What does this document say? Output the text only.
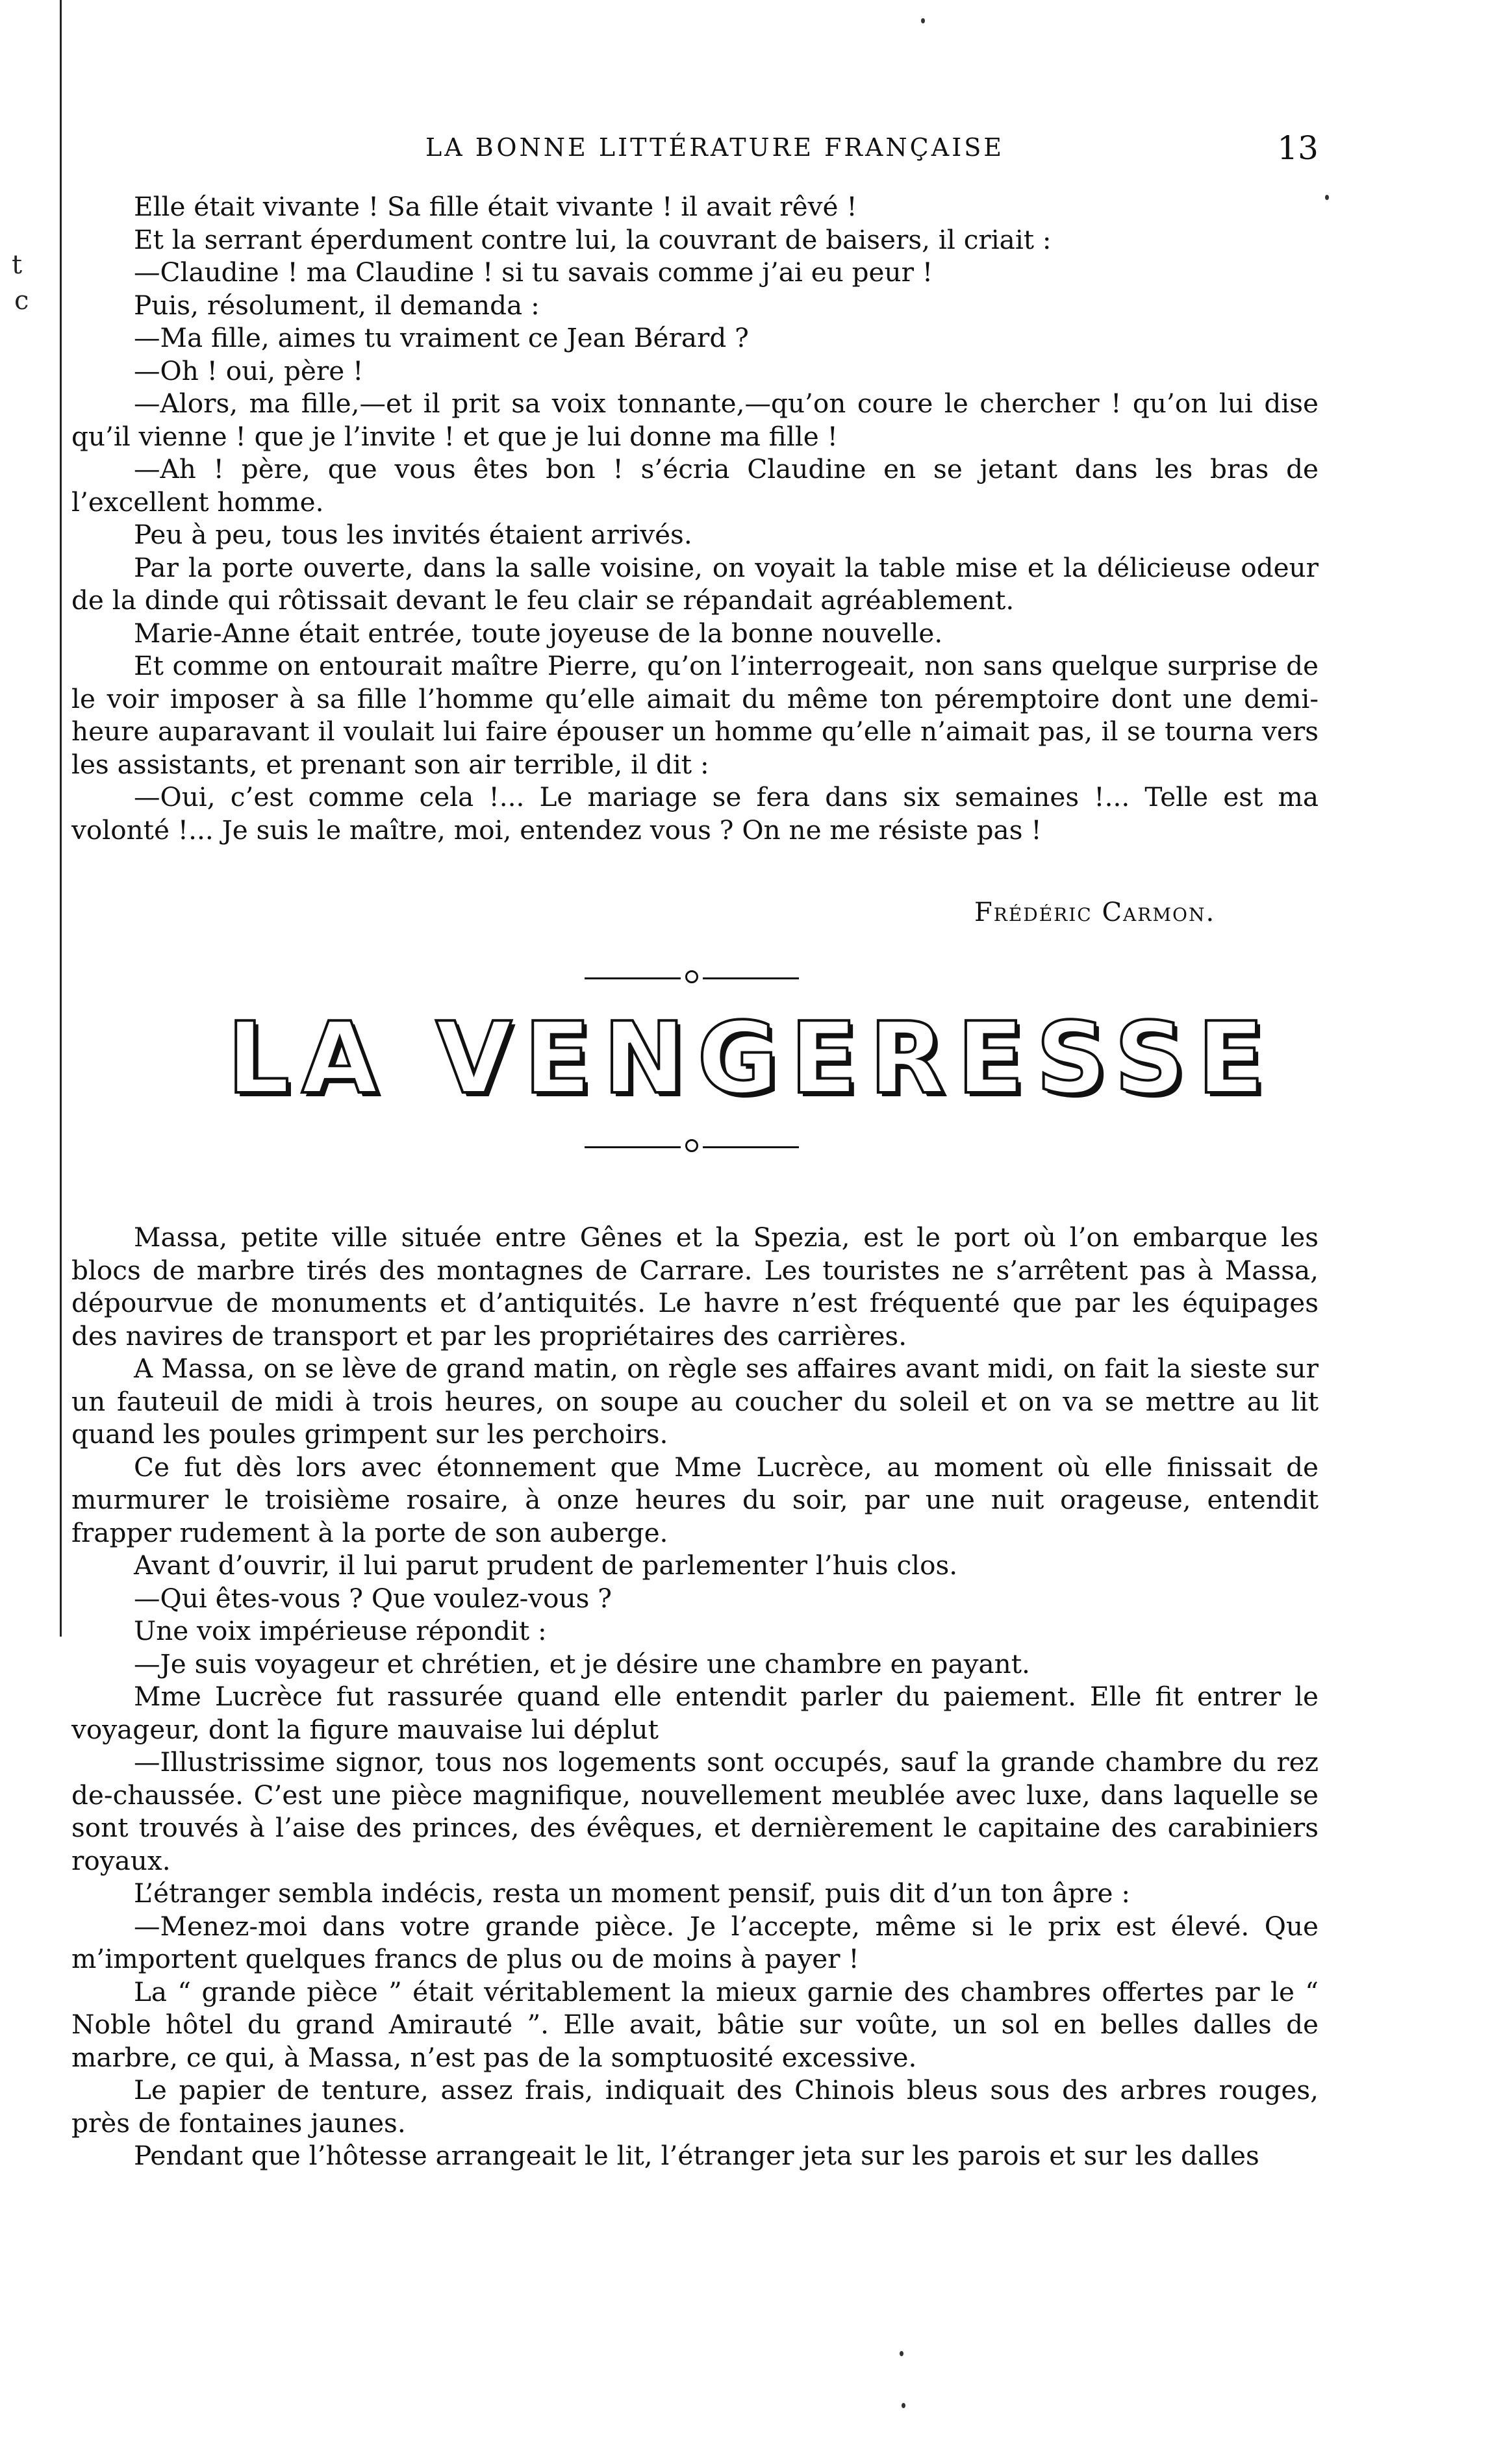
t
c
LA BONNE LITTÉRATURE FRANÇAISE	13

Elle était vivante ! Sa fille était vivante ! il avait rêvé !

Et la serrant éperdument contre lui, la couvrant de baisers, il criait :

—Claudine ! ma Claudine ! si tu savais comme j’ai eu peur !

Puis, résolument, il demanda :

—Ma fille, aimes tu vraiment ce Jean Bérard ?

—Oh ! oui, père !

—Alors, ma fille,—et il prit sa voix tonnante,—qu’on coure le chercher ! qu’on lui dise qu’il vienne ! que je l’invite ! et que je lui donne ma fille !

—Ah ! père, que vous êtes bon ! s’écria Claudine en se jetant dans les bras de l’excellent homme.

Peu à peu, tous les invités étaient arrivés.

Par la porte ouverte, dans la salle voisine, on voyait la table mise et la délicieuse odeur de la dinde qui rôtissait devant le feu clair se répandait agréablement.

Marie-Anne était entrée, toute joyeuse de la bonne nouvelle.

Et comme on entourait maître Pierre, qu’on l’interrogeait, non sans quelque surprise de le voir imposer à sa fille l’homme qu’elle aimait du même ton péremptoire dont une demi-heure auparavant il voulait lui faire épouser un homme qu’elle n’aimait pas, il se tourna vers les assistants, et prenant son air terrible, il dit :

—Oui, c’est comme cela !... Le mariage se fera dans six semaines !... Telle est ma volonté !... Je suis le maître, moi, entendez vous ? On ne me résiste pas !

Frédéric Carmon.
LA VENGERESSE

Massa, petite ville située entre Gênes et la Spezia, est le port où l’on embarque les blocs de marbre tirés des montagnes de Carrare. Les touristes ne s’arrêtent pas à Massa, dépourvue de monuments et d’antiquités. Le havre n’est fréquenté que par les équipages des navires de transport et par les propriétaires des carrières.

A Massa, on se lève de grand matin, on règle ses affaires avant midi, on fait la sieste sur un fauteuil de midi à trois heures, on soupe au coucher du soleil et on va se mettre au lit quand les poules grimpent sur les perchoirs.

Ce fut dès lors avec étonnement que Mme Lucrèce, au moment où elle finissait de murmurer le troisième rosaire, à onze heures du soir, par une nuit orageuse, entendit frapper rudement à la porte de son auberge.

Avant d’ouvrir, il lui parut prudent de parlementer l’huis clos.

—Qui êtes-vous ? Que voulez-vous ?

Une voix impérieuse répondit :

—Je suis voyageur et chrétien, et je désire une chambre en payant.

Mme Lucrèce fut rassurée quand elle entendit parler du paiement. Elle fit entrer le voyageur, dont la figure mauvaise lui déplut

—Illustrissime signor, tous nos logements sont occupés, sauf la grande chambre du rez de-chaussée. C’est une pièce magnifique, nouvellement meublée avec luxe, dans laquelle se sont trouvés à l’aise des princes, des évêques, et dernièrement le capitaine des carabiniers royaux.

L’étranger sembla indécis, resta un moment pensif, puis dit d’un ton âpre :

—Menez-moi dans votre grande pièce. Je l’accepte, même si le prix est élevé. Que m’importent quelques francs de plus ou de moins à payer !

La “ grande pièce ” était véritablement la mieux garnie des chambres offertes par le “ Noble hôtel du grand Amirauté ”. Elle avait, bâtie sur voûte, un sol en belles dalles de marbre, ce qui, à Massa, n’est pas de la somptuosité excessive.

Le papier de tenture, assez frais, indiquait des Chinois bleus sous des arbres rouges, près de fontaines jaunes.

Pendant que l’hôtesse arrangeait le lit, l’étranger jeta sur les parois et sur les dalles
